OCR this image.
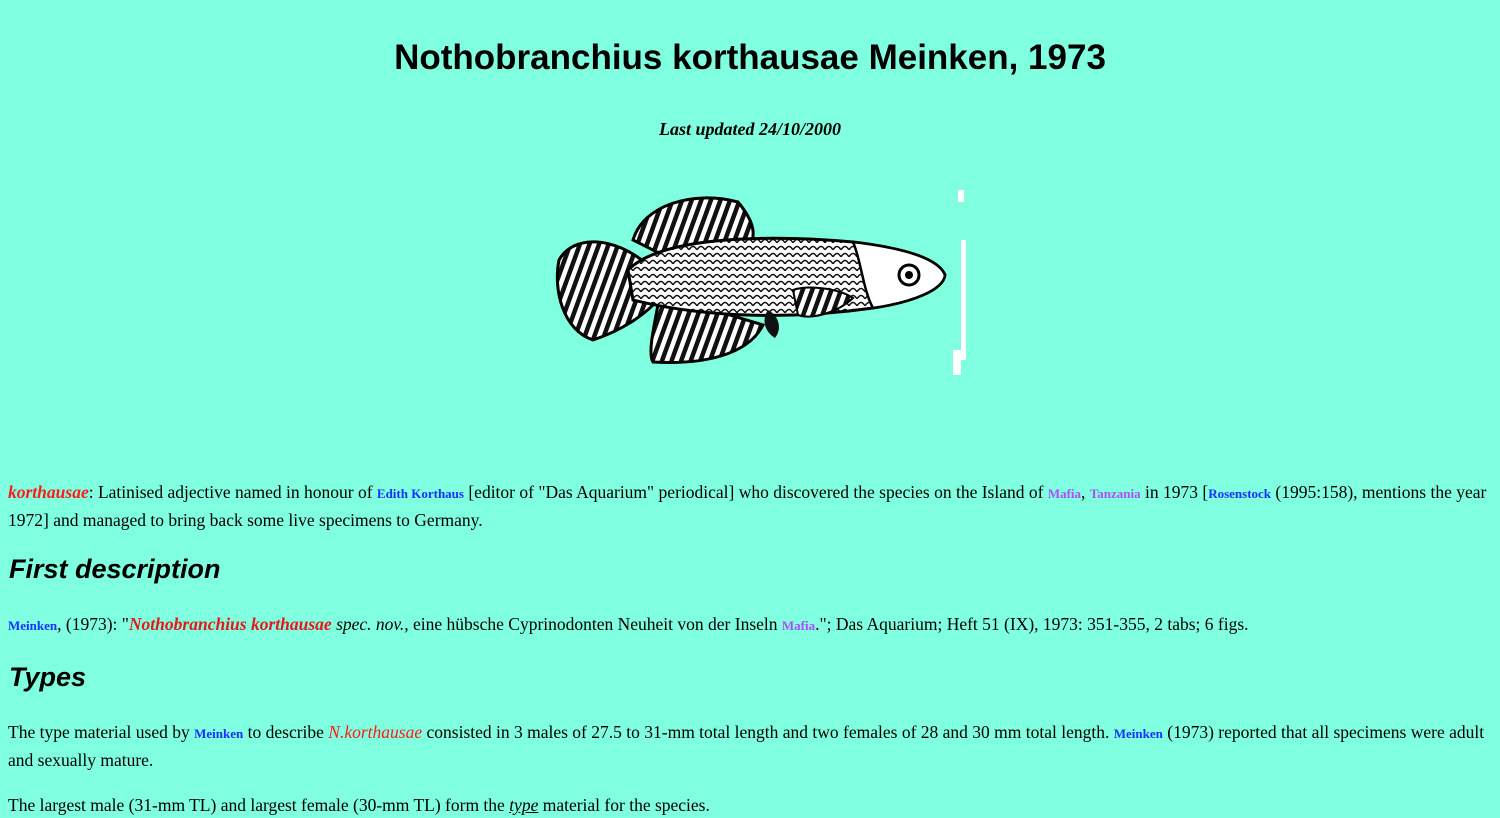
Nothobranchius korthausae Meinken, 1973
Last updated 24/10/2000

korthausae: Latinised adjective named in honour of Edith Korthaus [editor of "Das Aquarium" periodical] who discovered the species on the Island of Mafia, Tanzania in 1973 [Rosenstock (1995:158), mentions the year 1972] and managed to bring back some live specimens to Germany.

First description

Meinken, (1973): "Nothobranchius korthausae spec. nov., eine hübsche Cyprinodonten Neuheit von der Inseln Mafia."; Das Aquarium; Heft 51 (IX), 1973: 351-355, 2 tabs; 6 figs.

Types

The type material used by Meinken to describe N.korthausae consisted in 3 males of 27.5 to 31-mm total length and two females of 28 and 30 mm total length. Meinken (1973) reported that all specimens were adult and sexually mature.

The largest male (31-mm TL) and largest female (30-mm TL) form the type material for the species.
